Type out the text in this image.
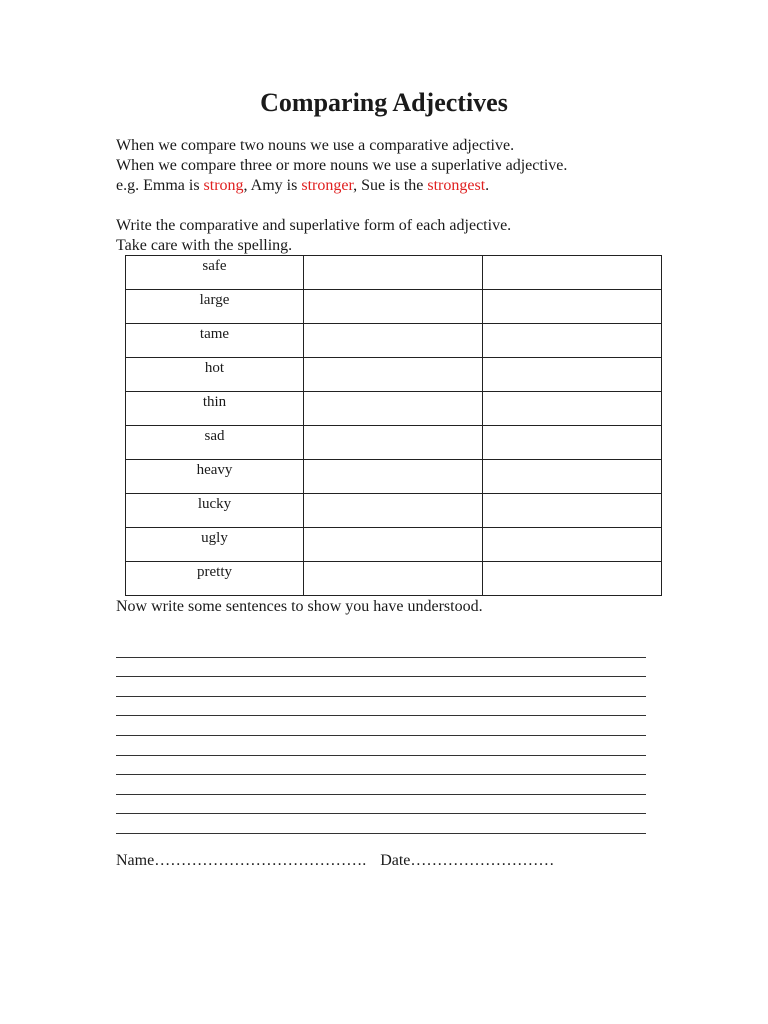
Comparing Adjectives

When we compare two nouns we use a comparative adjective.

When we compare three or more nouns we use a superlative adjective.

e.g. Emma is strong, Amy is stronger, Sue is the strongest.

Write the comparative and superlative form of each adjective.

Take care with the spelling.

safe		
large		
tame		
hot		
thin		
sad		
heavy		
lucky		
ugly		
pretty		

Now write some sentences to show you have understood.

Name…………………………………. Date………………………
